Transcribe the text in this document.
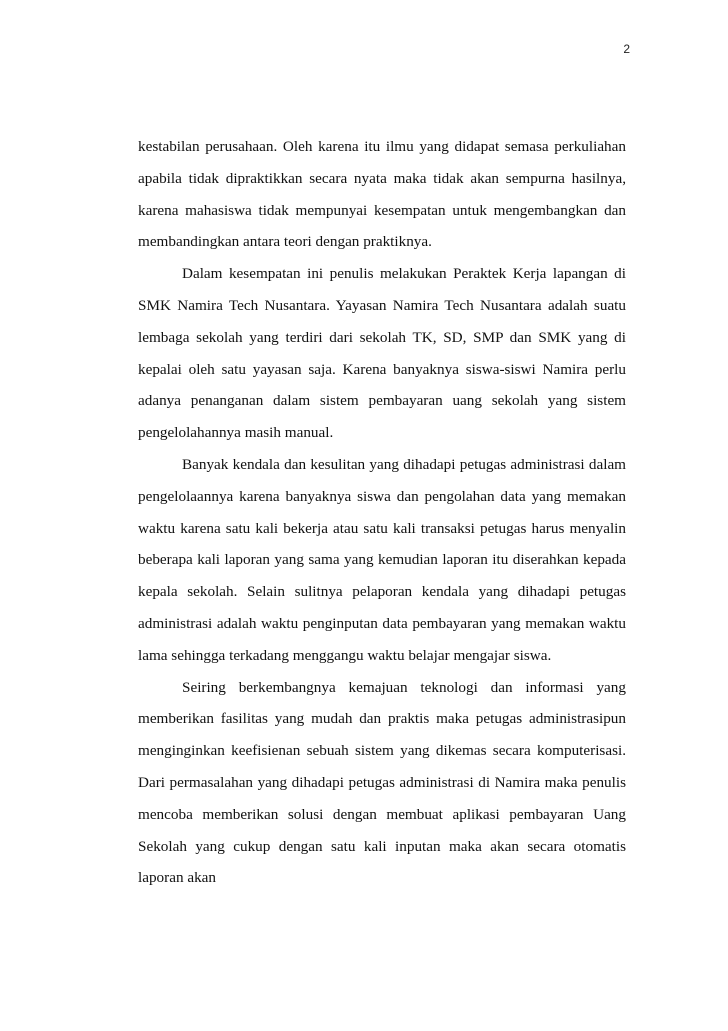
2

kestabilan perusahaan. Oleh karena itu ilmu yang didapat semasa perkuliahan apabila tidak dipraktikkan secara nyata maka tidak akan sempurna hasilnya, karena mahasiswa tidak mempunyai kesempatan untuk mengembangkan dan membandingkan antara teori dengan praktiknya.

Dalam kesempatan ini penulis melakukan Peraktek Kerja lapangan di SMK Namira Tech Nusantara. Yayasan Namira Tech Nusantara adalah suatu lembaga sekolah yang terdiri dari sekolah TK, SD, SMP dan SMK yang di kepalai oleh satu yayasan saja. Karena banyaknya siswa-siswi Namira perlu adanya penanganan dalam sistem pembayaran uang sekolah yang sistem pengelolahannya masih manual.

Banyak kendala dan kesulitan yang dihadapi petugas administrasi dalam pengelolaannya karena banyaknya siswa dan pengolahan data yang memakan waktu karena satu kali bekerja atau satu kali transaksi petugas harus menyalin beberapa kali laporan yang sama yang kemudian laporan itu diserahkan kepada kepala sekolah. Selain sulitnya pelaporan kendala yang dihadapi petugas administrasi adalah waktu penginputan data pembayaran yang memakan waktu lama sehingga terkadang menggangu waktu belajar mengajar siswa.

Seiring berkembangnya kemajuan teknologi dan informasi yang memberikan fasilitas yang mudah dan praktis maka petugas administrasipun menginginkan keefisienan sebuah sistem yang dikemas secara komputerisasi. Dari permasalahan yang dihadapi petugas administrasi di Namira maka penulis mencoba memberikan solusi dengan membuat aplikasi pembayaran Uang Sekolah yang cukup dengan satu kali inputan maka akan secara otomatis laporan akan
